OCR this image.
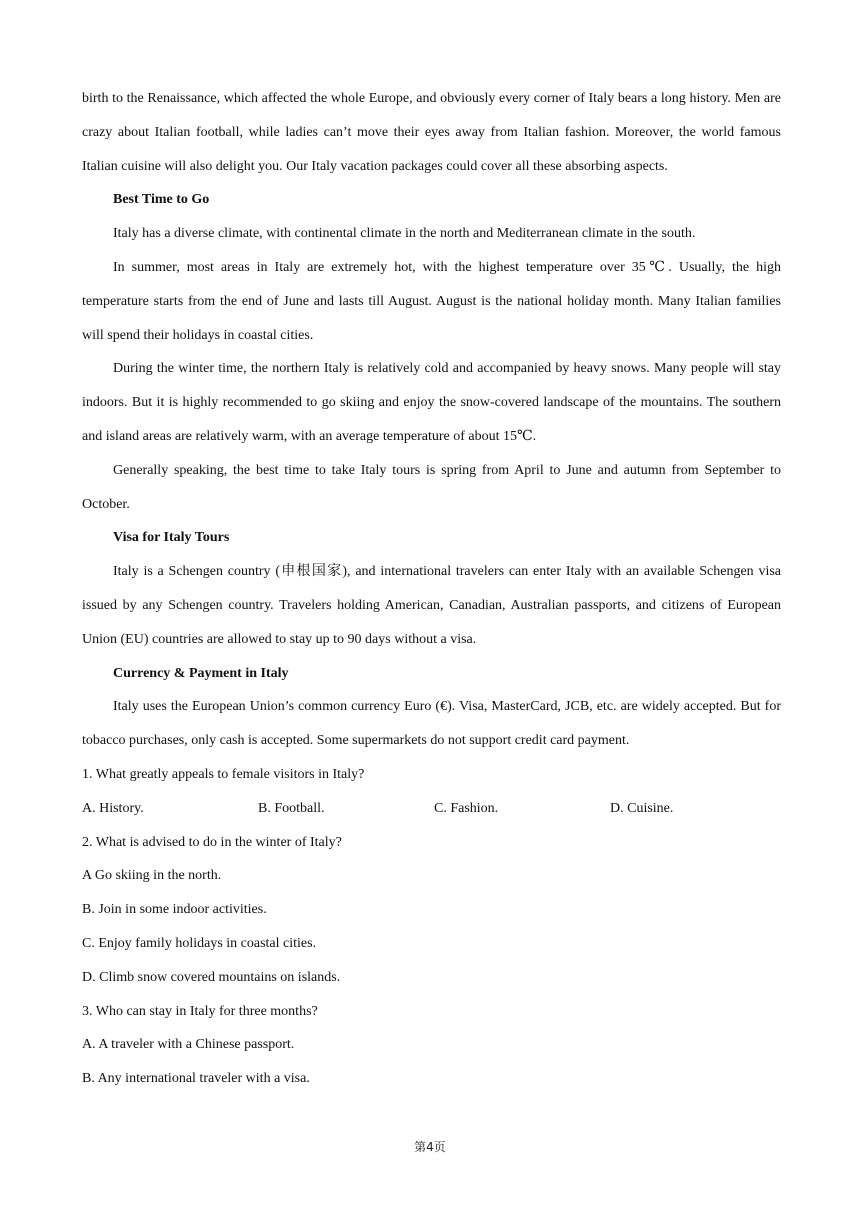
birth to the Renaissance, which affected the whole Europe, and obviously every corner of Italy bears a long history. Men are crazy about Italian football, while ladies can’t move their eyes away from Italian fashion. Moreover, the world famous Italian cuisine will also delight you. Our Italy vacation packages could cover all these absorbing aspects.

Best Time to Go

Italy has a diverse climate, with continental climate in the north and Mediterranean climate in the south.

In summer, most areas in Italy are extremely hot, with the highest temperature over 35℃. Usually, the high temperature starts from the end of June and lasts till August. August is the national holiday month. Many Italian families will spend their holidays in coastal cities.

During the winter time, the northern Italy is relatively cold and accompanied by heavy snows. Many people will stay indoors. But it is highly recommended to go skiing and enjoy the snow-covered landscape of the mountains. The southern and island areas are relatively warm, with an average temperature of about 15℃.

Generally speaking, the best time to take Italy tours is spring from April to June and autumn from September to October.

Visa for Italy Tours

Italy is a Schengen country (申根国家), and international travelers can enter Italy with an available Schengen visa issued by any Schengen country. Travelers holding American, Canadian, Australian passports, and citizens of European Union (EU) countries are allowed to stay up to 90 days without a visa.

Currency & Payment in Italy

Italy uses the European Union’s common currency Euro (€). Visa, MasterCard, JCB, etc. are widely accepted. But for tobacco purchases, only cash is accepted. Some supermarkets do not support credit card payment.

1. What greatly appeals to female visitors in Italy?

A. History.	B. Football.	C. Fashion.	D. Cuisine.

2. What is advised to do in the winter of Italy?

A Go skiing in the north.

B. Join in some indoor activities.

C. Enjoy family holidays in coastal cities.

D. Climb snow covered mountains on islands.

3. Who can stay in Italy for three months?

A. A traveler with a Chinese passport.

B. Any international traveler with a visa.

第4页
